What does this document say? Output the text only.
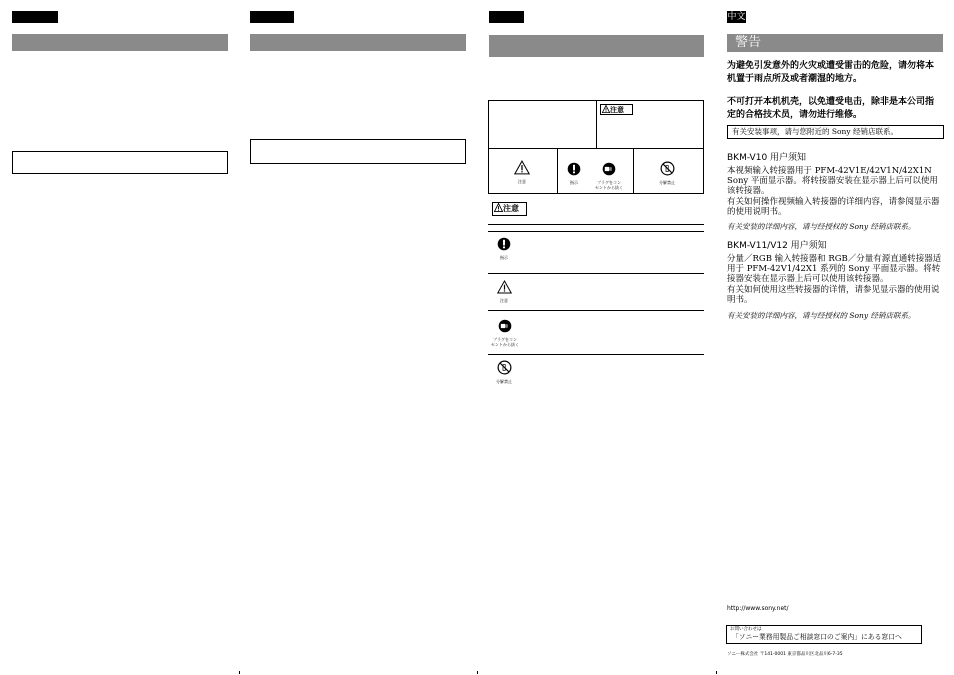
注意
注意	指示	プラグをコン
セントから抜く
分解禁止
注意
指示
注意
プラグをコン
セントから抜く
分解禁止
中文
警告
为避免引发意外的火灾或遭受雷击的危险，请勿将本
机置于雨点所及或者潮湿的地方。
不可打开本机机壳，以免遭受电击，除非是本公司指
定的合格技术员，请勿进行维修。
有关安装事项，请与您附近的 Sony 经销店联系。
BKM-V10 用户须知
本视频输入转接器用于 PFM-42V1E/42V1N/42X1N
Sony 平面显示器。将转接器安装在显示器上后可以使用
该转接器。
有关如何操作视频输入转接器的详细内容，请参阅显示器
的使用说明书。
有关安装的详细内容，请与经授权的 Sony 经销店联系。
BKM-V11/V12 用户须知
分量／RGB 输入转接器和 RGB／分量有源直通转接器适
用于 PFM-42V1/42X1 系列的 Sony 平面显示器。将转
接器安装在显示器上后可以使用该转接器。
有关如何使用这些转接器的详情，请参见显示器的使用说
明书。
有关安装的详细内容，请与经授权的 Sony 经销店联系。
http://www.sony.net/
お問い合わせは
「ソニー業務用製品ご相談窓口のご案内」にある窓口へ
ソニー株式会社 〒141-0001 東京都品川区北品川6-7-35
